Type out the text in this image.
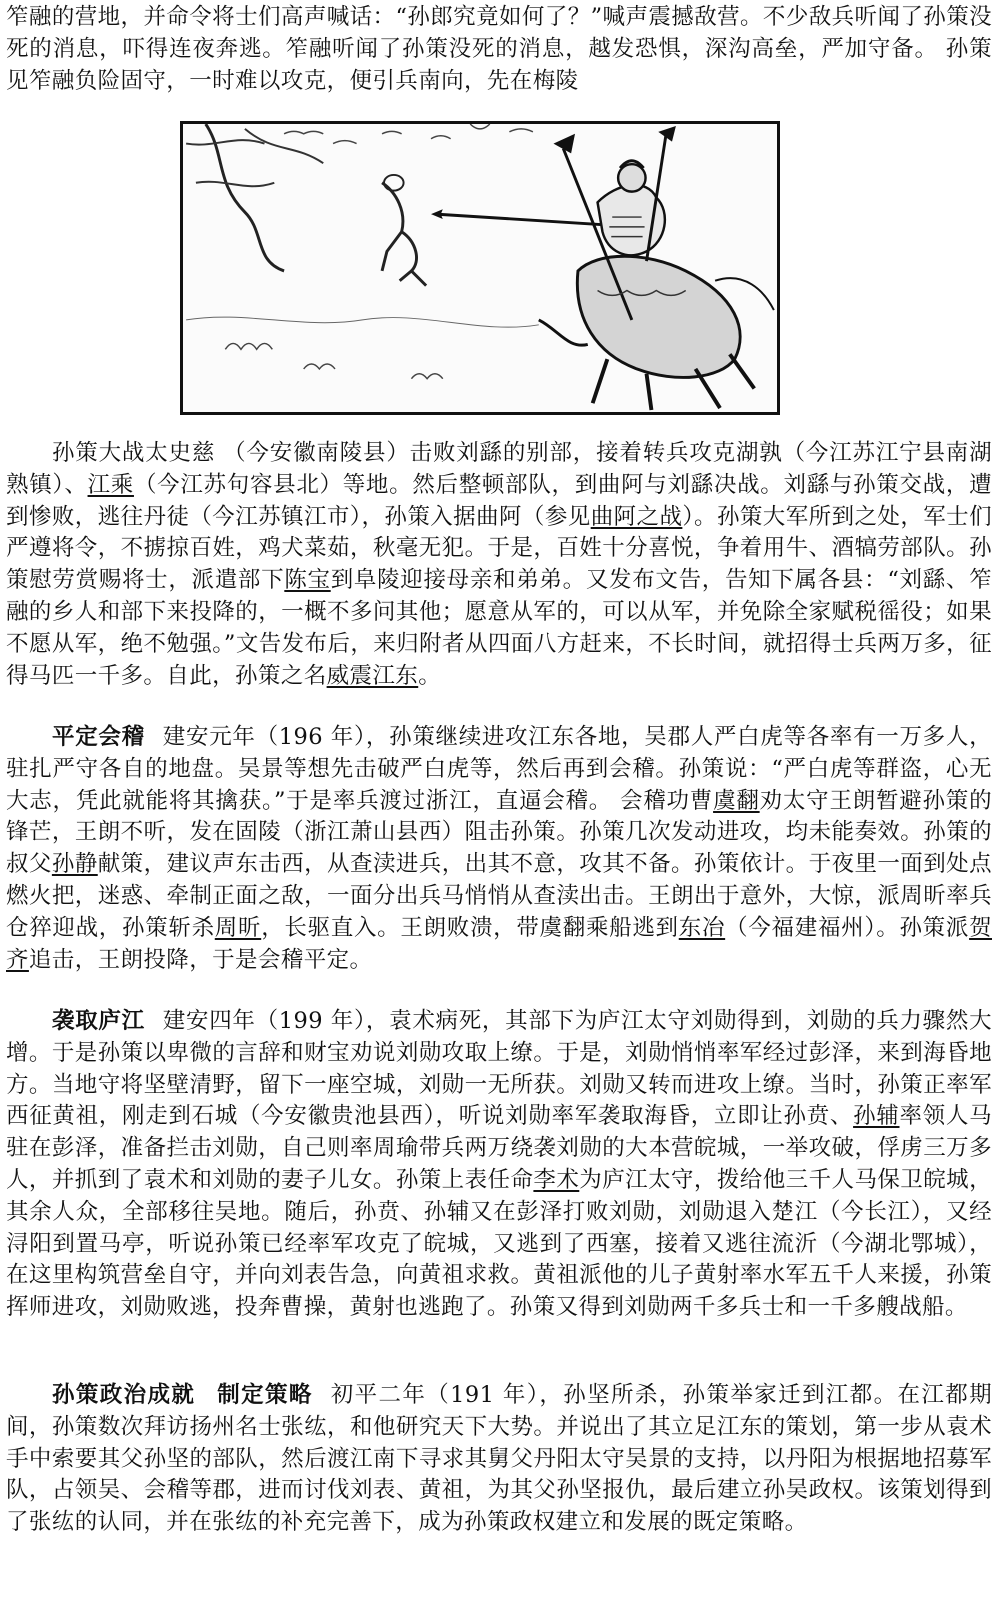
笮融的营地，并命令将士们高声喊话：“孙郎究竟如何了？”喊声震撼敌营。不少敌兵听闻了孙策没死的消息，吓得连夜奔逃。笮融听闻了孙策没死的消息，越发恐惧，深沟高垒，严加守备。 孙策见笮融负险固守，一时难以攻克，便引兵南向，先在梅陵

孙策大战太史慈 （今安徽南陵县）击败刘繇的别部，接着转兵攻克湖孰（今江苏江宁县南湖熟镇）、江乘（今江苏句容县北）等地。然后整顿部队，到曲阿与刘繇决战。刘繇与孙策交战，遭到惨败，逃往丹徒（今江苏镇江市），孙策入据曲阿（参见曲阿之战）。孙策大军所到之处，军士们严遵将令，不掳掠百姓，鸡犬菜茹，秋毫无犯。于是，百姓十分喜悦，争着用牛、酒犒劳部队。孙策慰劳赏赐将士，派遣部下陈宝到阜陵迎接母亲和弟弟。又发布文告，告知下属各县：“刘繇、笮融的乡人和部下来投降的，一概不多问其他；愿意从军的，可以从军，并免除全家赋税徭役；如果不愿从军，绝不勉强。”文告发布后，来归附者从四面八方赶来，不长时间，就招得士兵两万多，征得马匹一千多。自此，孙策之名威震江东。

平定会稽 建安元年（196 年），孙策继续进攻江东各地，吴郡人严白虎等各率有一万多人，驻扎严守各自的地盘。吴景等想先击破严白虎等，然后再到会稽。孙策说：“严白虎等群盗，心无大志，凭此就能将其擒获。”于是率兵渡过浙江，直逼会稽。 会稽功曹虞翻劝太守王朗暂避孙策的锋芒，王朗不听，发在固陵（浙江萧山县西）阻击孙策。孙策几次发动进攻，均未能奏效。孙策的叔父孙静献策，建议声东击西，从查渎进兵，出其不意，攻其不备。孙策依计。于夜里一面到处点燃火把，迷惑、牵制正面之敌，一面分出兵马悄悄从查渎出击。王朗出于意外，大惊，派周昕率兵仓猝迎战，孙策斩杀周昕，长驱直入。王朗败溃，带虞翻乘船逃到东冶（今福建福州）。孙策派贺齐追击，王朗投降，于是会稽平定。

袭取庐江 建安四年（199 年），袁术病死，其部下为庐江太守刘勋得到，刘勋的兵力骤然大增。于是孙策以卑微的言辞和财宝劝说刘勋攻取上缭。于是，刘勋悄悄率军经过彭泽，来到海昏地方。当地守将坚壁清野，留下一座空城，刘勋一无所获。刘勋又转而进攻上缭。当时，孙策正率军西征黄祖，刚走到石城（今安徽贵池县西），听说刘勋率军袭取海昏，立即让孙贲、孙辅率领人马驻在彭泽，准备拦击刘勋，自己则率周瑜带兵两万绕袭刘勋的大本营皖城，一举攻破，俘虏三万多人，并抓到了袁术和刘勋的妻子儿女。孙策上表任命李术为庐江太守，拨给他三千人马保卫皖城，其余人众，全部移往吴地。随后，孙贲、孙辅又在彭泽打败刘勋，刘勋退入楚江（今长江），又经浔阳到置马亭，听说孙策已经率军攻克了皖城，又逃到了西塞，接着又逃往流沂（今湖北鄂城），在这里构筑营垒自守，并向刘表告急，向黄祖求救。黄祖派他的儿子黄射率水军五千人来援，孙策挥师进攻，刘勋败逃，投奔曹操，黄射也逃跑了。孙策又得到刘勋两千多兵士和一千多艘战船。

孙策政治成就 制定策略 初平二年（191 年），孙坚所杀，孙策举家迁到江都。在江都期间，孙策数次拜访扬州名士张纮，和他研究天下大势。并说出了其立足江东的策划，第一步从袁术手中索要其父孙坚的部队，然后渡江南下寻求其舅父丹阳太守吴景的支持，以丹阳为根据地招募军队，占领吴、会稽等郡，进而讨伐刘表、黄祖，为其父孙坚报仇，最后建立孙吴政权。该策划得到了张纮的认同，并在张纮的补充完善下，成为孙策政权建立和发展的既定策略。
